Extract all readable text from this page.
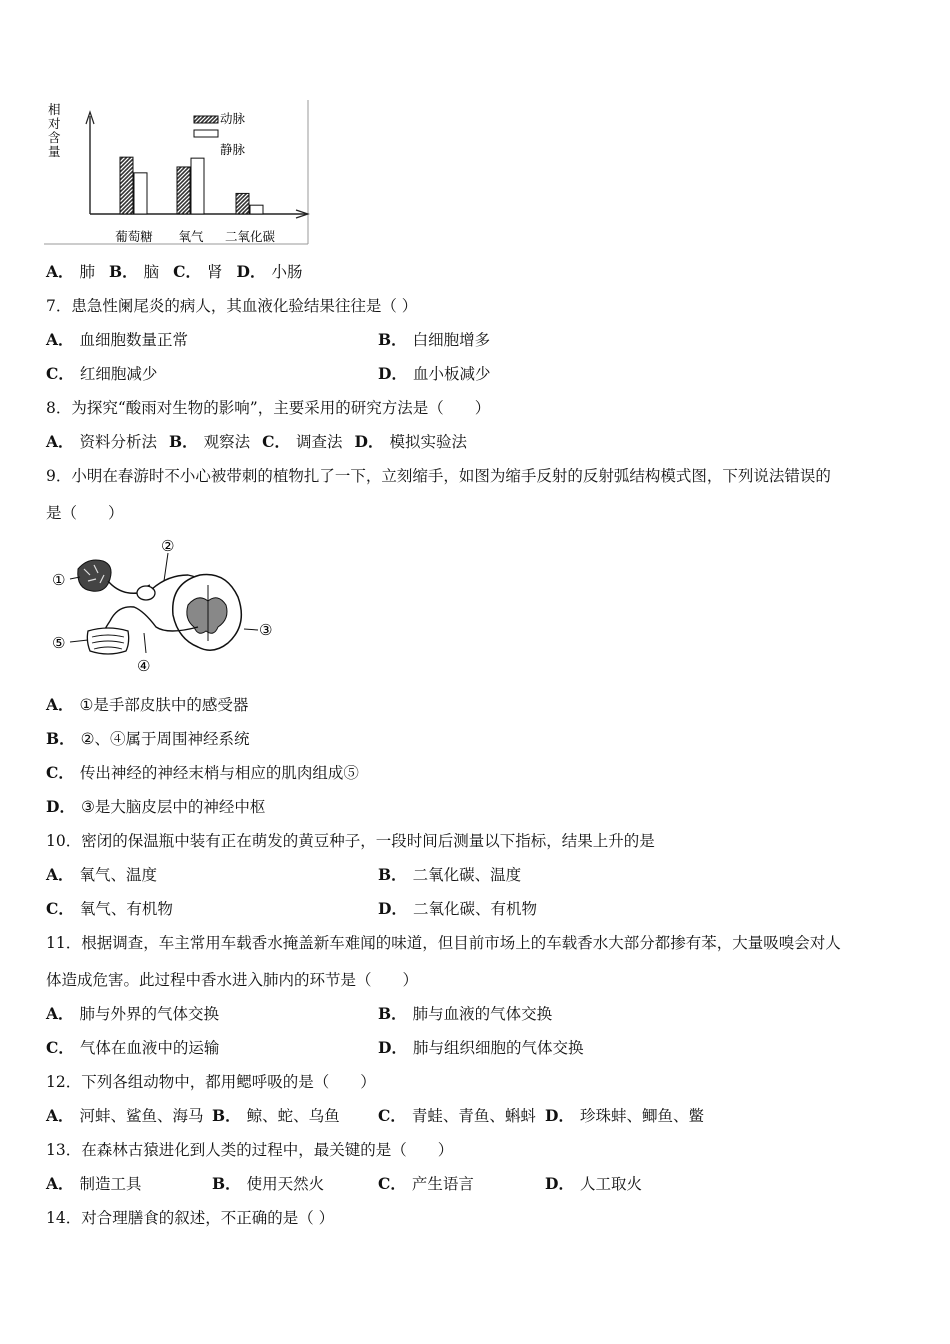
相对含量
葡萄糖 氧气 二氧化碳
动脉
静脉
A． 肺 B． 脑 C． 肾 D． 小肠
7．患急性阑尾炎的病人，其血液化验结果往往是（ ）
A． 血细胞数量正常	B． 白细胞增多
C． 红细胞减少	D． 血小板减少
8．为探究“酸雨对生物的影响”，主要采用的研究方法是（　　）
A． 资料分析法 B． 观察法 C． 调查法 D． 模拟实验法
9．小明在春游时不小心被带刺的植物扎了一下，立刻缩手，如图为缩手反射的反射弧结构模式图，下列说法错误的
是（　　）
①
②
③
④
⑤
A． ①是手部皮肤中的感受器
B． ②、④属于周围神经系统
C． 传出神经的神经末梢与相应的肌肉组成⑤
D． ③是大脑皮层中的神经中枢
10．密闭的保温瓶中装有正在萌发的黄豆种子，一段时间后测量以下指标，结果上升的是
A． 氧气、温度	B． 二氧化碳、温度
C． 氧气、有机物	D． 二氧化碳、有机物
11．根据调查，车主常用车载香水掩盖新车难闻的味道，但目前市场上的车载香水大部分都掺有苯，大量吸嗅会对人
体造成危害。此过程中香水进入肺内的环节是（　　）
A． 肺与外界的气体交换	B． 肺与血液的气体交换
C． 气体在血液中的运输	D． 肺与组织细胞的气体交换
12．下列各组动物中，都用鳃呼吸的是（　　）
A． 河蚌、鲨鱼、海马 B． 鲸、蛇、乌鱼 C． 青蛙、青鱼、蝌蚪 D． 珍珠蚌、鲫鱼、鳖
13．在森林古猿进化到人类的过程中，最关键的是（　　）
A． 制造工具	B． 使用天然火	C． 产生语言	D． 人工取火
14．对合理膳食的叙述，不正确的是（ ）
